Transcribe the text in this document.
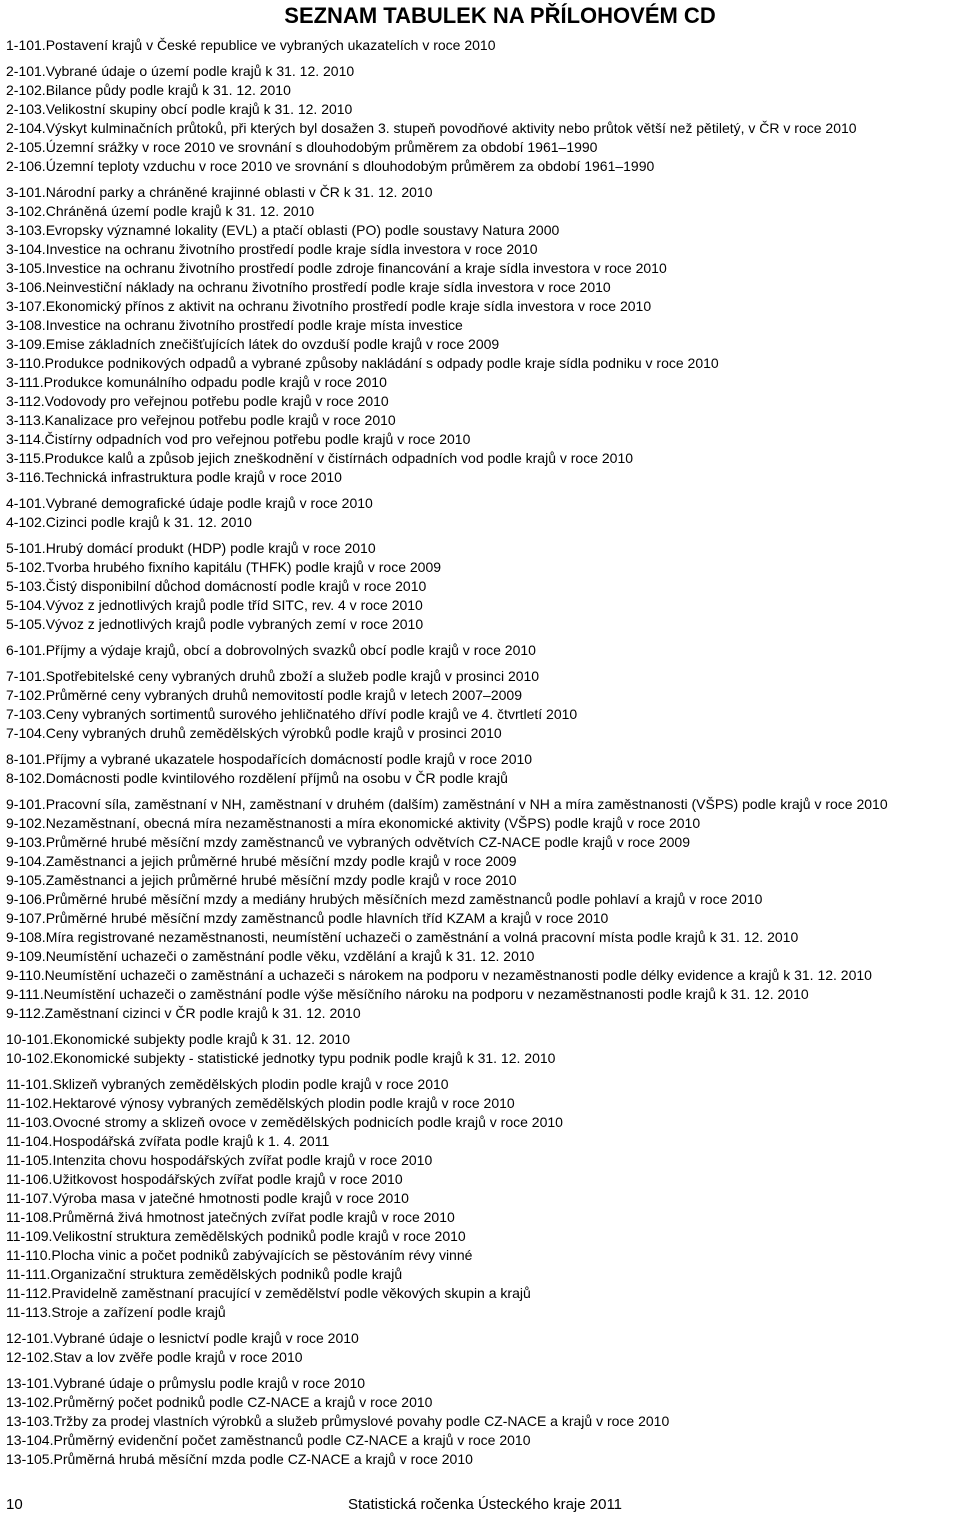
SEZNAM TABULEK NA PŘÍLOHOVÉM CD
1-101. Postavení krajů v České republice ve vybraných ukazatelích v roce 2010
2-101. Vybrané údaje o území podle krajů k 31. 12. 2010
2-102. Bilance půdy podle krajů k 31. 12. 2010
2-103. Velikostní skupiny obcí podle krajů k 31. 12. 2010
2-104. Výskyt kulminačních průtoků, při kterých byl dosažen 3. stupeň povodňové aktivity nebo průtok větší než pětiletý, v ČR v roce 2010
2-105. Územní srážky v roce 2010 ve srovnání s dlouhodobým průměrem za období 1961–1990
2-106. Územní teploty vzduchu v roce 2010 ve srovnání s dlouhodobým průměrem za období 1961–1990
3-101. Národní parky a chráněné krajinné oblasti v ČR k 31. 12. 2010
3-102. Chráněná území podle krajů k 31. 12. 2010
3-103. Evropsky významné lokality (EVL) a ptačí oblasti (PO) podle soustavy Natura 2000
3-104. Investice na ochranu životního prostředí podle kraje sídla investora v roce 2010
3-105. Investice na ochranu životního prostředí podle zdroje financování a kraje sídla investora v roce 2010
3-106. Neinvestiční náklady na ochranu životního prostředí podle kraje sídla investora v roce 2010
3-107. Ekonomický přínos z aktivit na ochranu životního prostředí podle kraje sídla investora v roce 2010
3-108. Investice na ochranu životního prostředí podle kraje místa investice
3-109. Emise základních znečišťujících látek do ovzduší podle krajů v roce 2009
3-110. Produkce podnikových odpadů a vybrané způsoby nakládání s odpady podle kraje sídla podniku v roce 2010
3-111. Produkce komunálního odpadu podle krajů v roce 2010
3-112. Vodovody pro veřejnou potřebu podle krajů v roce 2010
3-113. Kanalizace pro veřejnou potřebu podle krajů v roce 2010
3-114. Čistírny odpadních vod pro veřejnou potřebu podle krajů v roce 2010
3-115. Produkce kalů a způsob jejich zneškodnění v čistírnách odpadních vod podle krajů v roce 2010
3-116. Technická infrastruktura podle krajů v roce 2010
4-101. Vybrané demografické údaje podle krajů v roce 2010
4-102. Cizinci podle krajů k 31. 12. 2010
5-101. Hrubý domácí produkt (HDP) podle krajů v roce 2010
5-102. Tvorba hrubého fixního kapitálu (THFK) podle krajů v roce 2009
5-103. Čistý disponibilní důchod domácností podle krajů v roce 2010
5-104. Vývoz z jednotlivých krajů podle tříd SITC, rev. 4 v roce 2010
5-105. Vývoz z jednotlivých krajů podle vybraných zemí v roce 2010
6-101. Příjmy a výdaje krajů, obcí a dobrovolných svazků obcí podle krajů v roce 2010
7-101. Spotřebitelské ceny vybraných druhů zboží a služeb podle krajů v prosinci 2010
7-102. Průměrné ceny vybraných druhů nemovitostí podle krajů v letech 2007–2009
7-103. Ceny vybraných sortimentů surového jehličnatého dříví podle krajů ve 4. čtvrtletí 2010
7-104. Ceny vybraných druhů zemědělských výrobků podle krajů v prosinci 2010
8-101. Příjmy a vybrané ukazatele hospodařících domácností podle krajů v roce 2010
8-102. Domácnosti podle kvintilového rozdělení příjmů na osobu v ČR podle krajů
9-101. Pracovní síla, zaměstnaní v NH, zaměstnaní v druhém (dalším) zaměstnání v NH a míra zaměstnanosti (VŠPS) podle krajů v roce 2010
9-102. Nezaměstnaní, obecná míra nezaměstnanosti a míra ekonomické aktivity (VŠPS) podle krajů v roce 2010
9-103. Průměrné hrubé měsíční mzdy zaměstnanců ve vybraných odvětvích CZ-NACE podle krajů v roce 2009
9-104. Zaměstnanci a jejich průměrné hrubé měsíční mzdy podle krajů v roce 2009
9-105. Zaměstnanci a jejich průměrné hrubé měsíční mzdy podle krajů v roce 2010
9-106. Průměrné hrubé měsíční mzdy a mediány hrubých měsíčních mezd zaměstnanců podle pohlaví a krajů v roce 2010
9-107. Průměrné hrubé měsíční mzdy zaměstnanců podle hlavních tříd KZAM a krajů v roce 2010
9-108. Míra registrované nezaměstnanosti, neumístění uchazeči o zaměstnání a volná pracovní místa podle krajů k 31. 12. 2010
9-109. Neumístění uchazeči o zaměstnání podle věku, vzdělání a krajů k 31. 12. 2010
9-110. Neumístění uchazeči o zaměstnání a uchazeči s nárokem na podporu v nezaměstnanosti podle délky evidence a krajů k 31. 12. 2010
9-111. Neumístění uchazeči o zaměstnání podle výše měsíčního nároku na podporu v nezaměstnanosti podle krajů k 31. 12. 2010
9-112. Zaměstnaní cizinci v ČR podle krajů k 31. 12. 2010
10-101. Ekonomické subjekty podle krajů k 31. 12. 2010
10-102. Ekonomické subjekty - statistické jednotky typu podnik podle krajů k 31. 12. 2010
11-101. Sklizeň vybraných zemědělských plodin podle krajů v roce 2010
11-102. Hektarové výnosy vybraných zemědělských plodin podle krajů v roce 2010
11-103. Ovocné stromy a sklizeň ovoce v zemědělských podnicích podle krajů v roce 2010
11-104. Hospodářská zvířata podle krajů k 1. 4. 2011
11-105. Intenzita chovu hospodářských zvířat podle krajů v roce 2010
11-106. Užitkovost hospodářských zvířat podle krajů v roce 2010
11-107. Výroba masa v jatečné hmotnosti podle krajů v roce 2010
11-108. Průměrná živá hmotnost jatečných zvířat podle krajů v roce 2010
11-109. Velikostní struktura zemědělských podniků podle krajů v roce 2010
11-110. Plocha vinic a počet podniků zabývajících se pěstováním révy vinné
11-111. Organizační struktura zemědělských podniků podle krajů
11-112. Pravidelně zaměstnaní pracující v zemědělství podle věkových skupin a krajů
11-113. Stroje a zařízení podle krajů
12-101. Vybrané údaje o lesnictví podle krajů v roce 2010
12-102. Stav a lov zvěře podle krajů v roce 2010
13-101. Vybrané údaje o průmyslu podle krajů v roce 2010
13-102. Průměrný počet podniků podle CZ-NACE a krajů v roce 2010
13-103. Tržby za prodej vlastních výrobků a služeb průmyslové povahy podle CZ-NACE a krajů v roce 2010
13-104. Průměrný evidenční počet zaměstnanců podle CZ-NACE a krajů v roce 2010
13-105. Průměrná hrubá měsíční mzda podle CZ-NACE a krajů v roce 2010
10	Statistická ročenka Ústeckého kraje 2011
